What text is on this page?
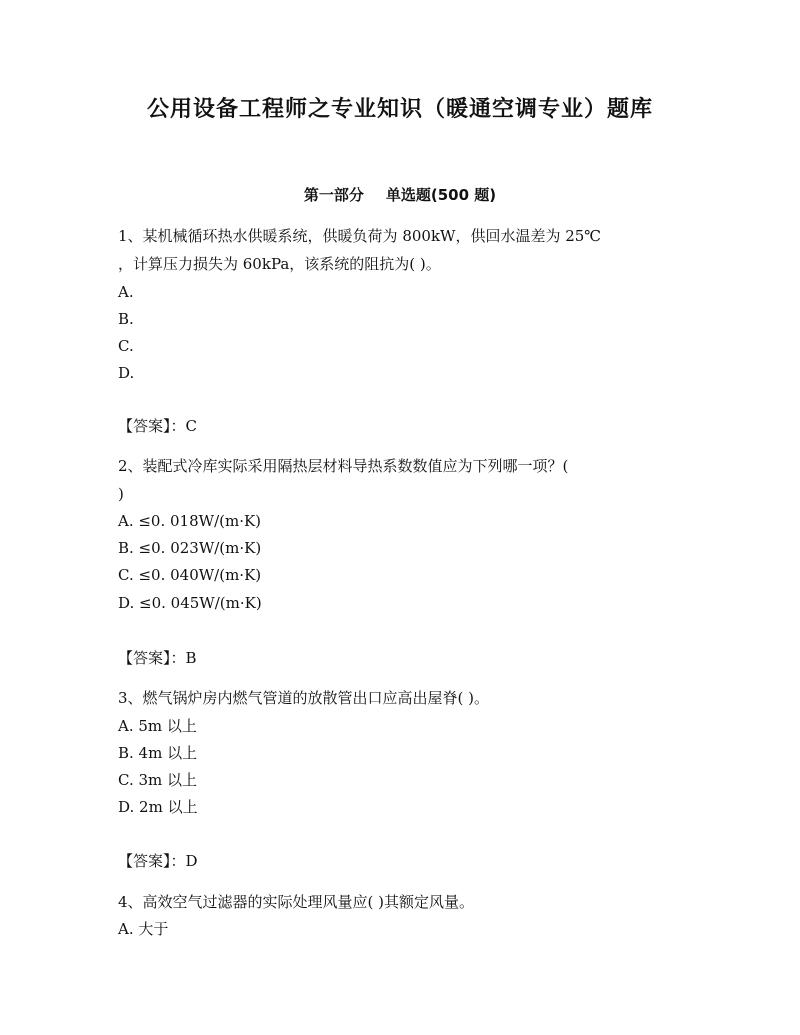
公用设备工程师之专业知识（暖通空调专业）题库
第一部分 单选题(500 题)
1、某机械循环热水供暖系统，供暖负荷为 800kW，供回水温差为 25℃
，计算压力损失为 60kPa，该系统的阻抗为( )。
A.
B.
C.
D.
【答案】：C
2、装配式冷库实际采用隔热层材料导热系数数值应为下列哪一项？(
)
A. ≤0. 018W/(m·K)
B. ≤0. 023W/(m·K)
C. ≤0. 040W/(m·K)
D. ≤0. 045W/(m·K)
【答案】：B
3、燃气锅炉房内燃气管道的放散管出口应高出屋脊( )。
A. 5m 以上
B. 4m 以上
C. 3m 以上
D. 2m 以上
【答案】：D
4、高效空气过滤器的实际处理风量应( )其额定风量。
A. 大于
